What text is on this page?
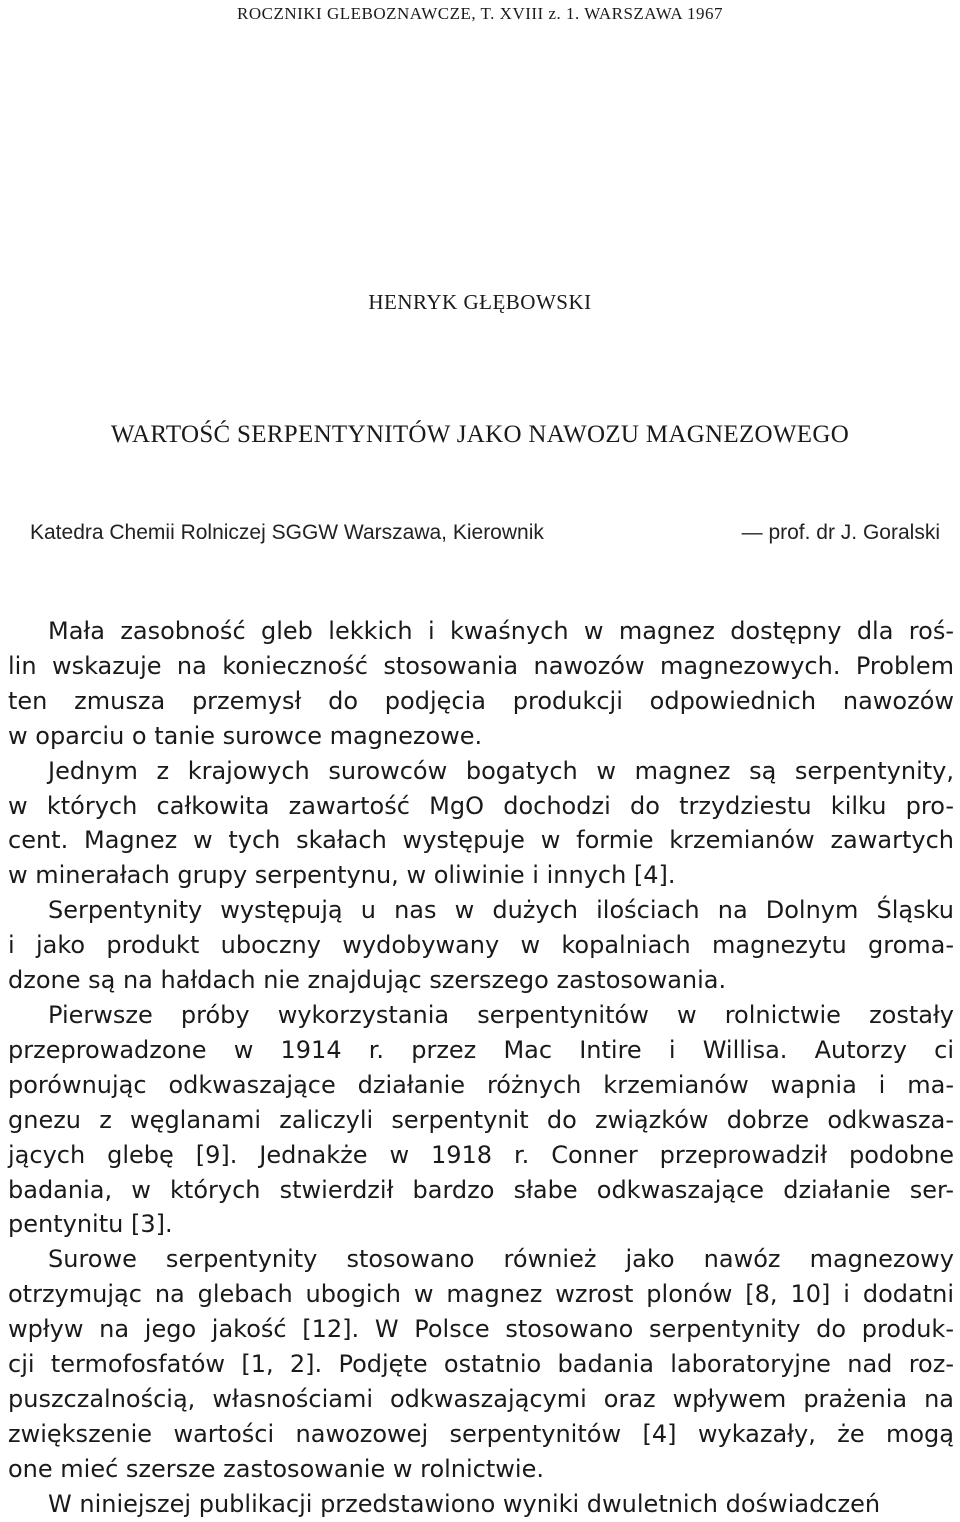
ROCZNIKI GLEBOZNAWCZE, T. XVIII z. 1. WARSZAWA 1967
HENRYK GŁĘBOWSKI
WARTOŚĆ SERPENTYNITÓW JAKO NAWOZU MAGNEZOWEGO
Katedra Chemii Rolniczej SGGW Warszawa, Kierownik	— prof. dr J. Goralski
Mała zasobność gleb lekkich i kwaśnych w magnez dostępny dla roś-
lin wskazuje na konieczność stosowania nawozów magnezowych. Problem
ten zmusza przemysł do podjęcia produkcji odpowiednich nawozów
w oparciu o tanie surowce magnezowe.
Jednym z krajowych surowców bogatych w magnez są serpentynity,
w których całkowita zawartość MgO dochodzi do trzydziestu kilku pro-
cent. Magnez w tych skałach występuje w formie krzemianów zawartych
w minerałach grupy serpentynu, w oliwinie i innych [4].
Serpentynity występują u nas w dużych ilościach na Dolnym Śląsku
i jako produkt uboczny wydobywany w kopalniach magnezytu groma-
dzone są na hałdach nie znajdując szerszego zastosowania.
Pierwsze próby wykorzystania serpentynitów w rolnictwie zostały
przeprowadzone w 1914 r. przez Mac Intire i Willisa. Autorzy ci
porównując odkwaszające działanie różnych krzemianów wapnia i ma-
gnezu z węglanami zaliczyli serpentynit do związków dobrze odkwasza-
jących glebę [9]. Jednakże w 1918 r. Conner przeprowadził podobne
badania, w których stwierdził bardzo słabe odkwaszające działanie ser-
pentynitu [3].
Surowe serpentynity stosowano również jako nawóz magnezowy
otrzymując na glebach ubogich w magnez wzrost plonów [8, 10] i dodatni
wpływ na jego jakość [12]. W Polsce stosowano serpentynity do produk-
cji termofosfatów [1, 2]. Podjęte ostatnio badania laboratoryjne nad roz-
puszczalnością, własnościami odkwaszającymi oraz wpływem prażenia na
zwiększenie wartości nawozowej serpentynitów [4] wykazały, że mogą
one mieć szersze zastosowanie w rolnictwie.
W niniejszej publikacji przedstawiono wyniki dwuletnich doświadczeń
